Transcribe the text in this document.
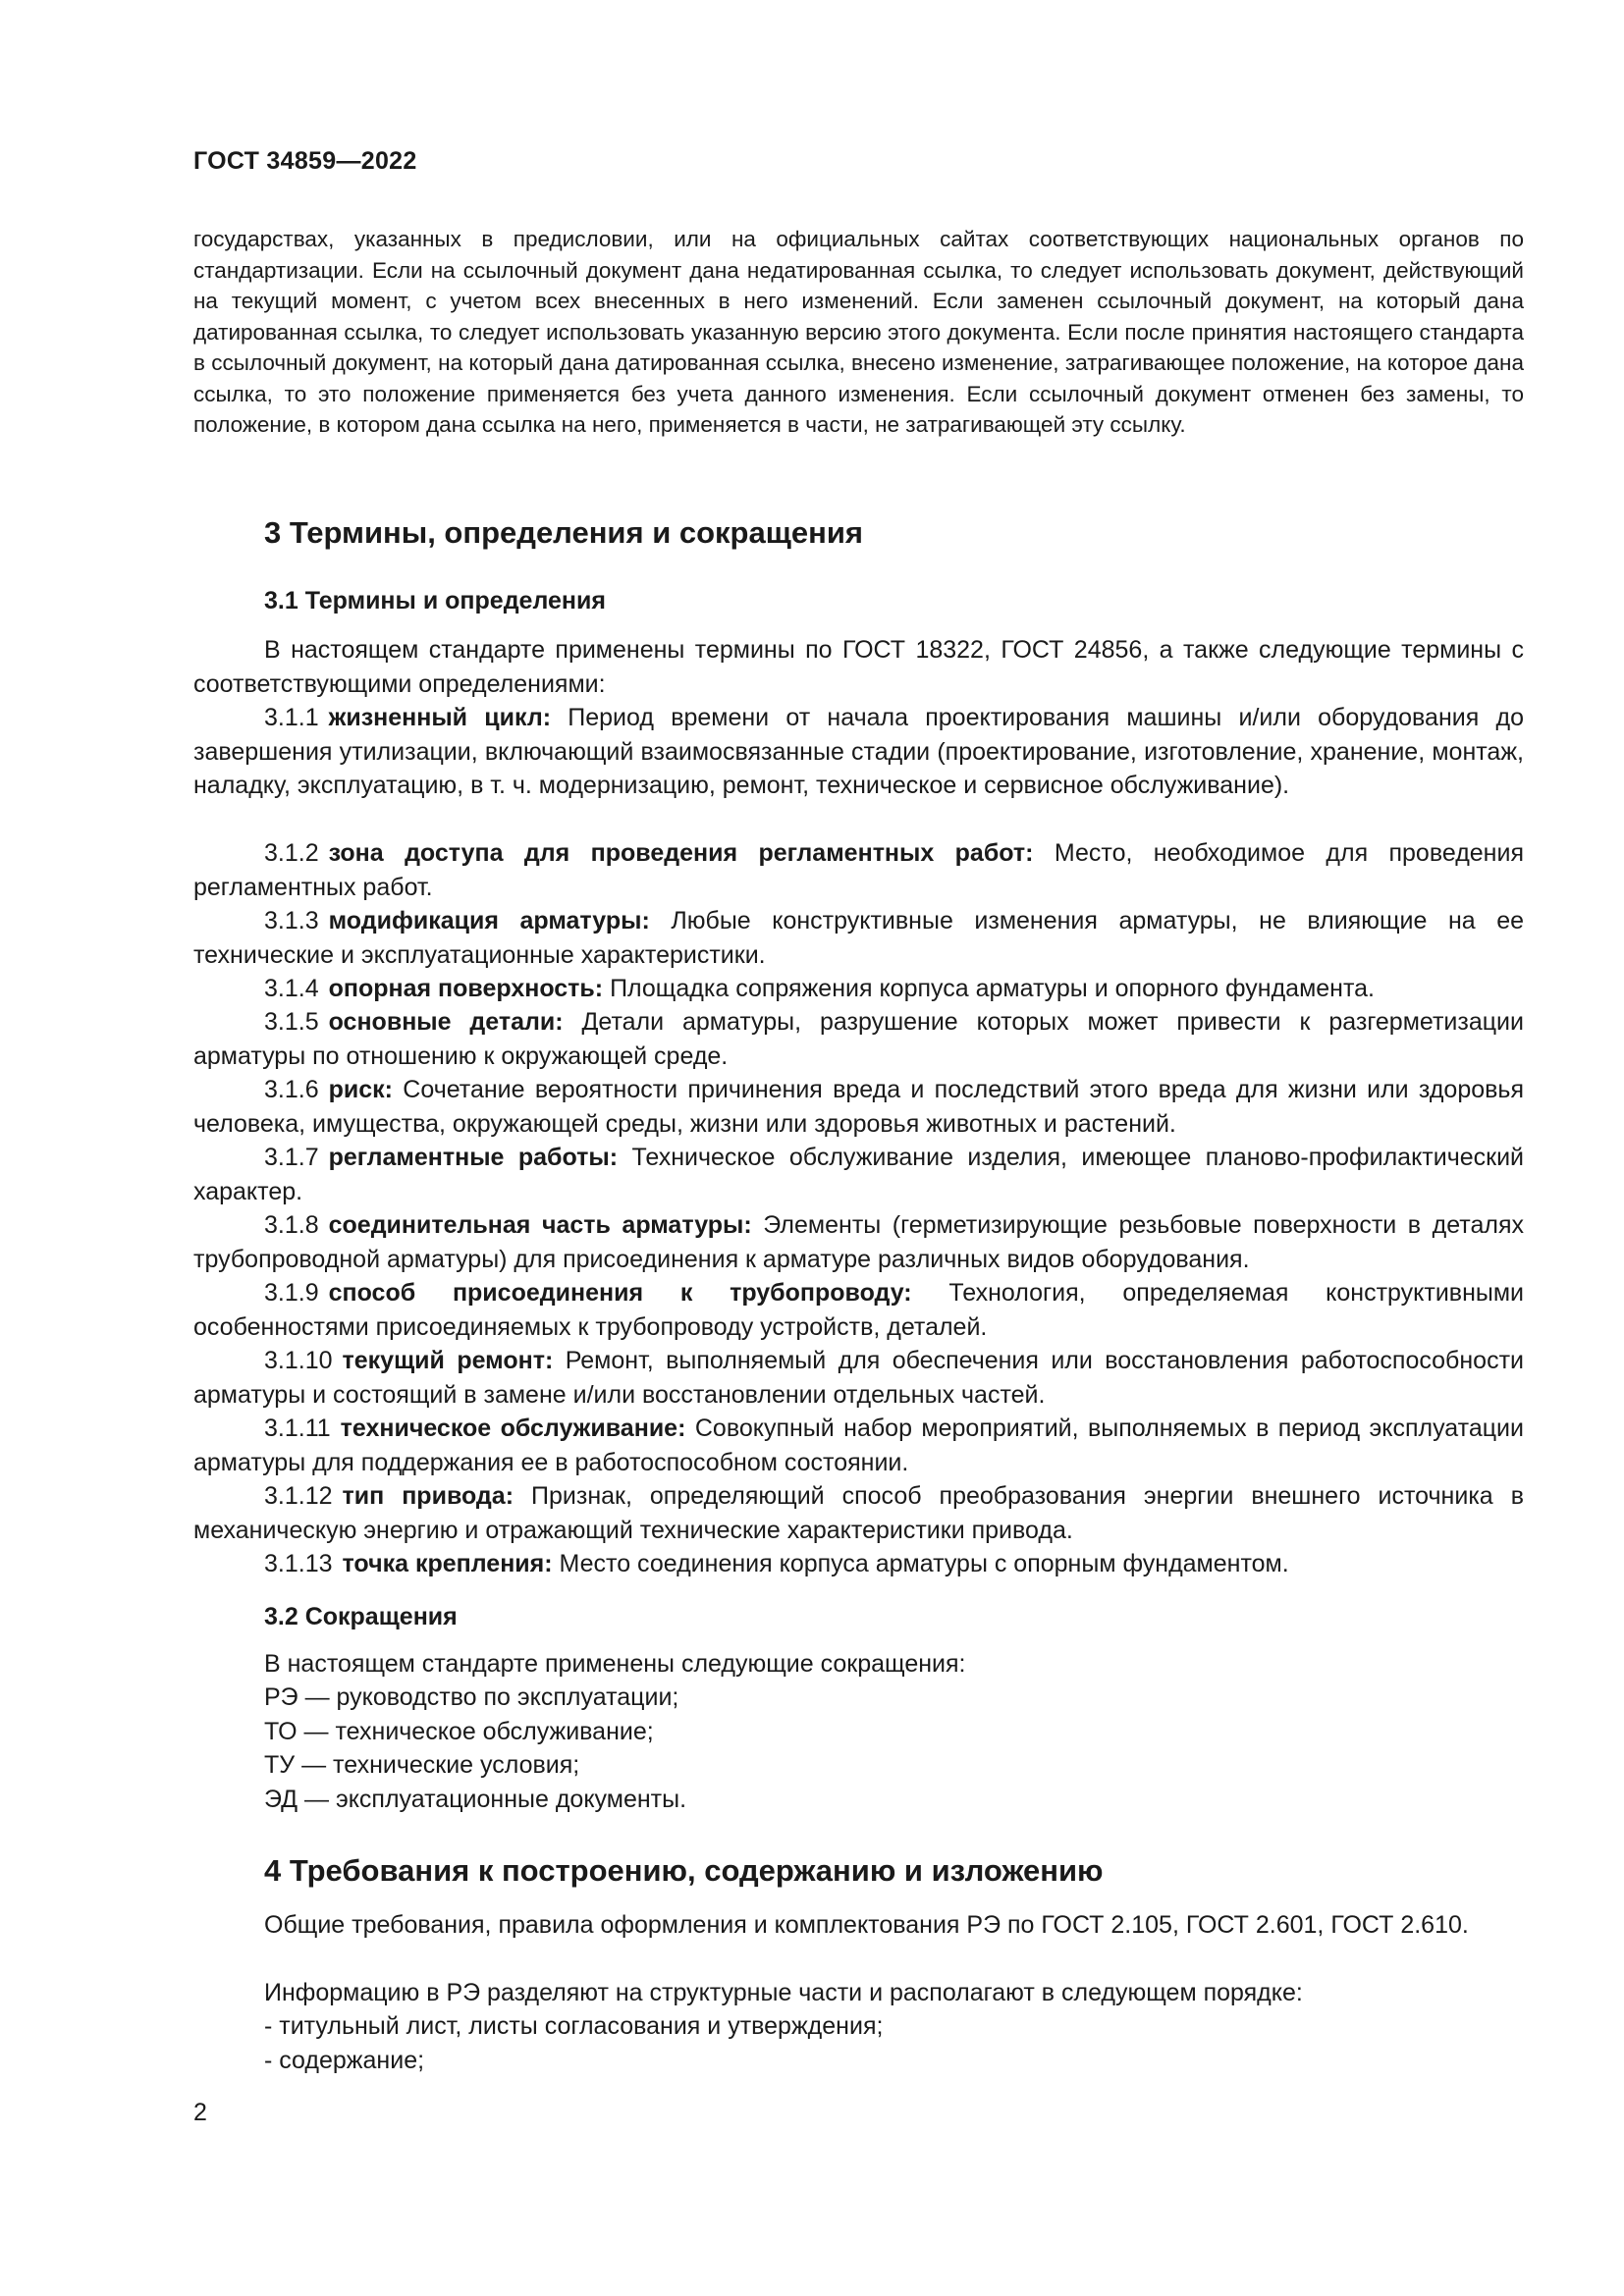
ГОСТ 34859—2022
государствах, указанных в предисловии, или на официальных сайтах соответствующих национальных органов по стандартизации. Если на ссылочный документ дана недатированная ссылка, то следует использовать документ, действующий на текущий момент, с учетом всех внесенных в него изменений. Если заменен ссылочный документ, на который дана датированная ссылка, то следует использовать указанную версию этого документа. Если после принятия настоящего стандарта в ссылочный документ, на который дана датированная ссылка, внесено изменение, затрагивающее положение, на которое дана ссылка, то это положение применяется без учета данного изменения. Если ссылочный документ отменен без замены, то положение, в котором дана ссылка на него, применяется в части, не затрагивающей эту ссылку.
3 Термины, определения и сокращения
3.1 Термины и определения
В настоящем стандарте применены термины по ГОСТ 18322, ГОСТ 24856, а также следующие термины с соответствующими определениями:
3.1.1 жизненный цикл: Период времени от начала проектирования машины и/или оборудования до завершения утилизации, включающий взаимосвязанные стадии (проектирование, изготовление, хранение, монтаж, наладку, эксплуатацию, в т. ч. модернизацию, ремонт, техническое и сервисное обслуживание).
3.1.2 зона доступа для проведения регламентных работ: Место, необходимое для проведения регламентных работ.
3.1.3 модификация арматуры: Любые конструктивные изменения арматуры, не влияющие на ее технические и эксплуатационные характеристики.
3.1.4 опорная поверхность: Площадка сопряжения корпуса арматуры и опорного фундамента.
3.1.5 основные детали: Детали арматуры, разрушение которых может привести к разгерметизации арматуры по отношению к окружающей среде.
3.1.6 риск: Сочетание вероятности причинения вреда и последствий этого вреда для жизни или здоровья человека, имущества, окружающей среды, жизни или здоровья животных и растений.
3.1.7 регламентные работы: Техническое обслуживание изделия, имеющее планово-профилактический характер.
3.1.8 соединительная часть арматуры: Элементы (герметизирующие резьбовые поверхности в деталях трубопроводной арматуры) для присоединения к арматуре различных видов оборудования.
3.1.9 способ присоединения к трубопроводу: Технология, определяемая конструктивными особенностями присоединяемых к трубопроводу устройств, деталей.
3.1.10 текущий ремонт: Ремонт, выполняемый для обеспечения или восстановления работоспособности арматуры и состоящий в замене и/или восстановлении отдельных частей.
3.1.11 техническое обслуживание: Совокупный набор мероприятий, выполняемых в период эксплуатации арматуры для поддержания ее в работоспособном состоянии.
3.1.12 тип привода: Признак, определяющий способ преобразования энергии внешнего источника в механическую энергию и отражающий технические характеристики привода.
3.1.13 точка крепления: Место соединения корпуса арматуры с опорным фундаментом.
3.2 Сокращения
В настоящем стандарте применены следующие сокращения:
РЭ — руководство по эксплуатации;
ТО — техническое обслуживание;
ТУ — технические условия;
ЭД — эксплуатационные документы.
4 Требования к построению, содержанию и изложению
Общие требования, правила оформления и комплектования РЭ по ГОСТ 2.105, ГОСТ 2.601, ГОСТ 2.610.
Информацию в РЭ разделяют на структурные части и располагают в следующем порядке:
- титульный лист, листы согласования и утверждения;
- содержание;
2
